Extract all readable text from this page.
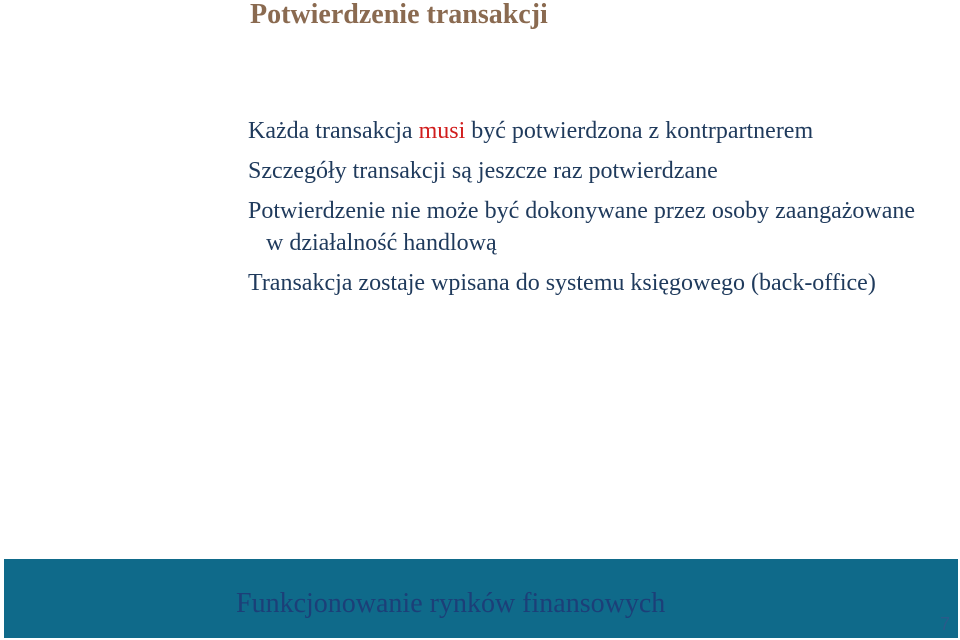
Potwierdzenie transakcji
Każda transakcja musi być potwierdzona z kontrpartnerem
Szczegóły transakcji są jeszcze raz potwierdzane
Potwierdzenie nie może być dokonywane przez osoby zaangażowane w działalność handlową
Transakcja zostaje wpisana do systemu księgowego (back-office)
Funkcjonowanie rynków finansowych
7
